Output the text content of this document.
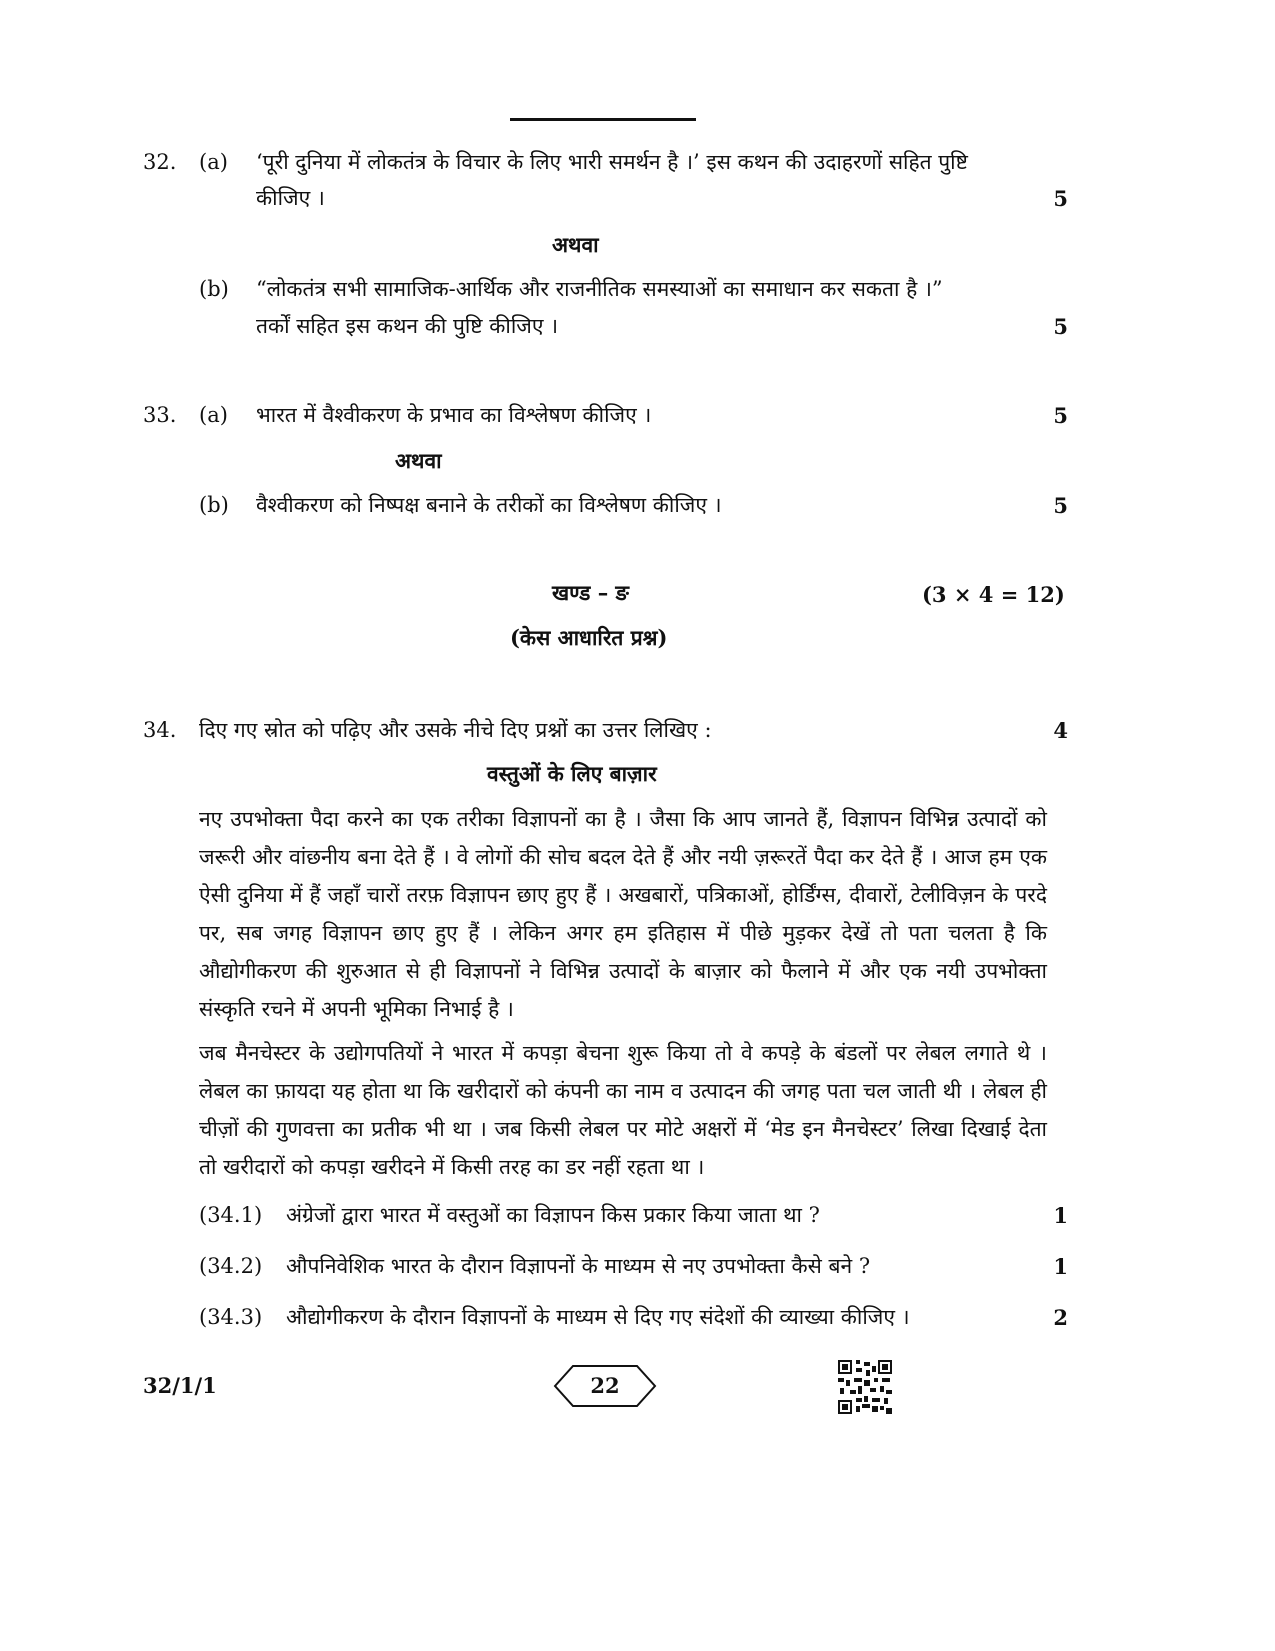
32. (a) ‘पूरी दुनिया में लोकतंत्र के विचार के लिए भारी समर्थन है ।’ इस कथन की उदाहरणों सहित पुष्टि
कीजिए ।	5
अथवा
(b) “लोकतंत्र सभी सामाजिक-आर्थिक और राजनीतिक समस्याओं का समाधान कर सकता है ।”
तर्कों सहित इस कथन की पुष्टि कीजिए ।	5
33. (a) भारत में वैश्वीकरण के प्रभाव का विश्लेषण कीजिए ।	5
अथवा
(b) वैश्वीकरण को निष्पक्ष बनाने के तरीकों का विश्लेषण कीजिए ।	5
खण्ड – ङ	(3 × 4 = 12)
(केस आधारित प्रश्न)
34. दिए गए स्रोत को पढ़िए और उसके नीचे दिए प्रश्नों का उत्तर लिखिए :	4
वस्तुओं के लिए बाज़ार
नए उपभोक्ता पैदा करने का एक तरीका विज्ञापनों का है । जैसा कि आप जानते हैं, विज्ञापन विभिन्न उत्पादों को जरूरी और वांछनीय बना देते हैं । वे लोगों की सोच बदल देते हैं और नयी ज़रूरतें पैदा कर देते हैं । आज हम एक ऐसी दुनिया में हैं जहाँ चारों तरफ़ विज्ञापन छाए हुए हैं । अखबारों, पत्रिकाओं, होर्डिंग्स, दीवारों, टेलीविज़न के परदे पर, सब जगह विज्ञापन छाए हुए हैं । लेकिन अगर हम इतिहास में पीछे मुड़कर देखें तो पता चलता है कि औद्योगीकरण की शुरुआत से ही विज्ञापनों ने विभिन्न उत्पादों के बाज़ार को फैलाने में और एक नयी उपभोक्ता संस्कृति रचने में अपनी भूमिका निभाई है ।
जब मैनचेस्टर के उद्योगपतियों ने भारत में कपड़ा बेचना शुरू किया तो वे कपड़े के बंडलों पर लेबल लगाते थे । लेबल का फ़ायदा यह होता था कि खरीदारों को कंपनी का नाम व उत्पादन की जगह पता चल जाती थी । लेबल ही चीज़ों की गुणवत्ता का प्रतीक भी था । जब किसी लेबल पर मोटे अक्षरों में ‘मेड इन मैनचेस्टर’ लिखा दिखाई देता तो खरीदारों को कपड़ा खरीदने में किसी तरह का डर नहीं रहता था ।
(34.1) अंग्रेजों द्वारा भारत में वस्तुओं का विज्ञापन किस प्रकार किया जाता था ?	1
(34.2) औपनिवेशिक भारत के दौरान विज्ञापनों के माध्यम से नए उपभोक्ता कैसे बने ?	1
(34.3) औद्योगीकरण के दौरान विज्ञापनों के माध्यम से दिए गए संदेशों की व्याख्या कीजिए ।	2
32/1/1	22
